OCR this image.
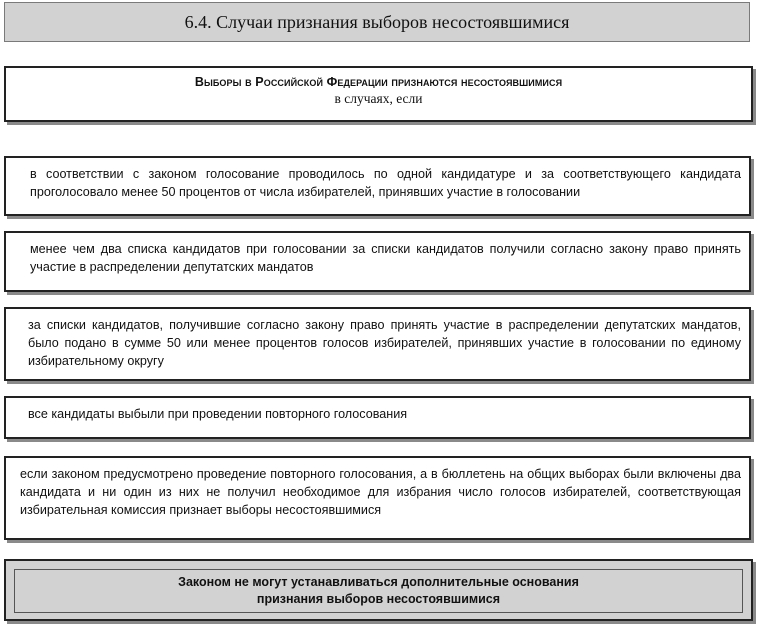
6.4. Случаи признания выборов несостоявшимися
Выборы в Российской Федерации признаются несостоявшимися
в случаях, если
в соответствии с законом голосование проводилось по одной кандидатуре и за соответствующего кандидата проголосовало менее 50 процентов от числа избирателей, принявших участие в голосовании
менее чем два списка кандидатов при голосовании за списки кандидатов получили согласно закону право принять участие в распределении депутатских мандатов
за списки кандидатов, получившие согласно закону право принять участие в распределении депутатских мандатов, было подано в сумме 50 или менее процентов голосов избирателей, принявших участие в голосовании по единому избирательному округу
все кандидаты выбыли при проведении повторного голосования
если законом предусмотрено проведение повторного голосования, а в бюллетень на общих выборах были включены два кандидата и ни один из них не получил необходимое для избрания число голосов избирателей, соответствующая избирательная комиссия признает выборы несостоявшимися
Законом не могут устанавливаться дополнительные основания
признания выборов несостоявшимися
